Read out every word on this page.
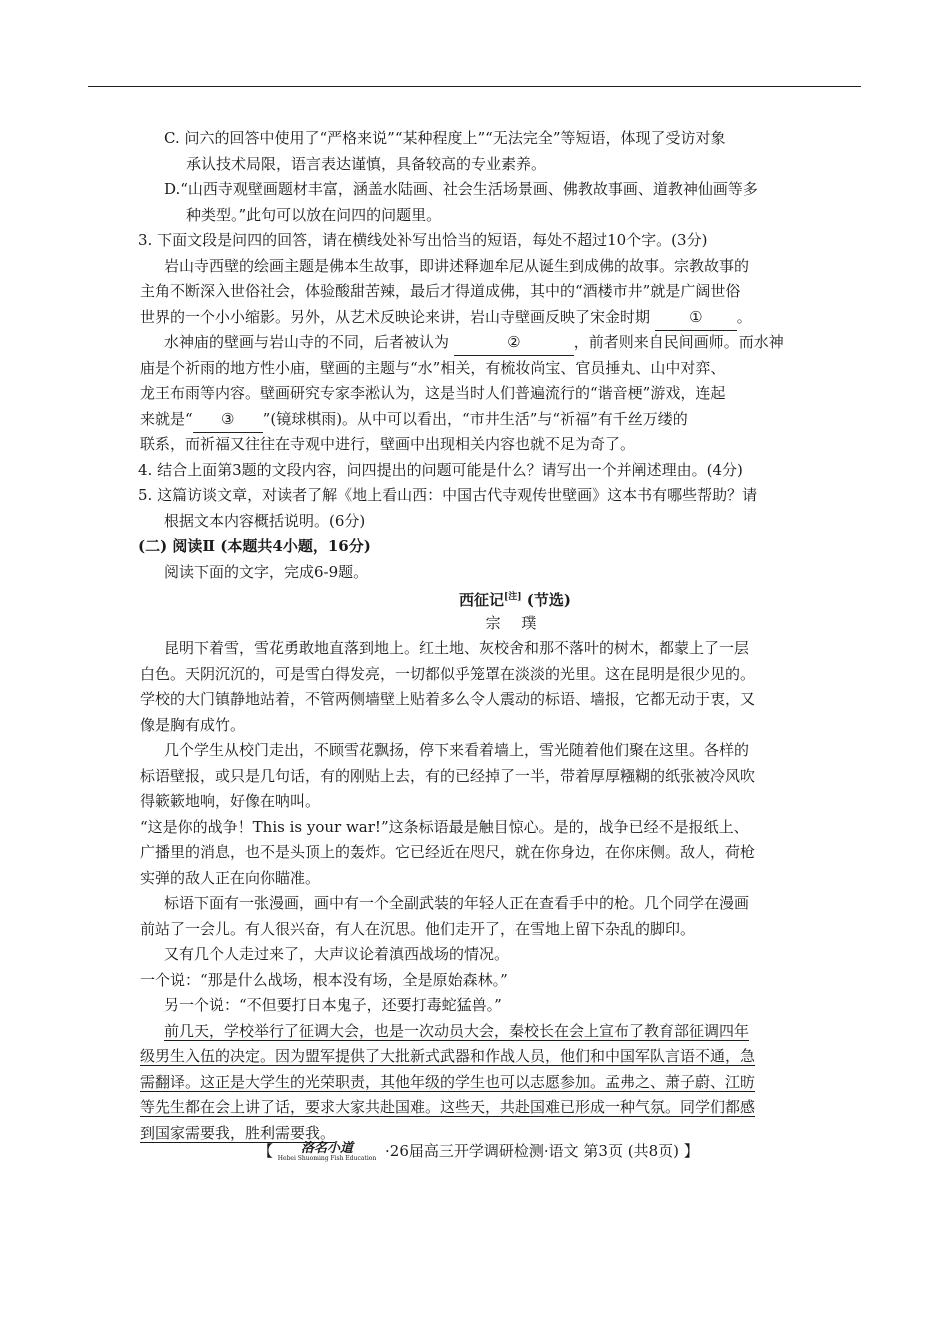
C. 问六的回答中使用了“严格来说”“某种程度上”“无法完全”等短语，体现了受访对象
承认技术局限，语言表达谨慎，具备较高的专业素养。
D.“山西寺观壁画题材丰富，涵盖水陆画、社会生活场景画、佛教故事画、道教神仙画等多
种类型。”此句可以放在问四的问题里。
3. 下面文段是问四的回答，请在横线处补写出恰当的短语，每处不超过10个字。(3分)
岩山寺西壁的绘画主题是佛本生故事，即讲述释迦牟尼从诞生到成佛的故事。宗教故事的
主角不断深入世俗社会，体验酸甜苦辣，最后才得道成佛，其中的“酒楼市井”就是广阔世俗
世界的一个小小缩影。另外，从艺术反映论来讲，岩山寺壁画反映了宋金时期	① 。
水神庙的壁画与岩山寺的不同，后者被认为	②	，前者则来自民间画师。而水神
庙是个祈雨的地方性小庙，壁画的主题与“水”相关，有梳妆尚宝、官员捶丸、山中对弈、
龙王布雨等内容。壁画研究专家李淞认为，这是当时人们普遍流行的“谐音梗”游戏，连起
来就是“ ③ ”(镜球棋雨)。从中可以看出，“市井生活”与“祈福”有千丝万缕的
联系，而祈福又往往在寺观中进行，壁画中出现相关内容也就不足为奇了。
4. 结合上面第3题的文段内容，问四提出的问题可能是什么？请写出一个并阐述理由。(4分)
5. 这篇访谈文章，对读者了解《地上看山西：中国古代寺观传世壁画》这本书有哪些帮助？请
根据文本内容概括说明。(6分)
(二) 阅读Ⅱ (本题共4小题，16分)
阅读下面的文字，完成6-9题。
西征记[注] (节选)
宗 璞
昆明下着雪，雪花勇敢地直落到地上。红土地、灰校舍和那不落叶的树木，都蒙上了一层
白色。天阴沉沉的，可是雪白得发亮，一切都似乎笼罩在淡淡的光里。这在昆明是很少见的。
学校的大门镇静地站着，不管两侧墙壁上贴着多么令人震动的标语、墙报，它都无动于衷，又
像是胸有成竹。
几个学生从校门走出，不顾雪花飘扬，停下来看着墙上，雪光随着他们聚在这里。各样的
标语壁报，或只是几句话，有的刚贴上去，有的已经掉了一半，带着厚厚糨糊的纸张被冷风吹
得簌簌地响，好像在呐叫。
“这是你的战争！This is your war!”这条标语最是触目惊心。是的，战争已经不是报纸上、
广播里的消息，也不是头顶上的轰炸。它已经近在咫尺，就在你身边，在你床侧。敌人，荷枪
实弹的敌人正在向你瞄准。
标语下面有一张漫画，画中有一个全副武装的年轻人正在查看手中的枪。几个同学在漫画
前站了一会儿。有人很兴奋，有人在沉思。他们走开了，在雪地上留下杂乱的脚印。
又有几个人走过来了，大声议论着滇西战场的情况。
一个说：“那是什么战场，根本没有场，全是原始森林。”
另一个说：“不但要打日本鬼子，还要打毒蛇猛兽。”
前几天，学校举行了征调大会，也是一次动员大会，秦校长在会上宣布了教育部征调四年
级男生入伍的决定。因为盟军提供了大批新式武器和作战人员，他们和中国军队言语不通，急
需翻译。这正是大学生的光荣职责，其他年级的学生也可以志愿参加。孟弗之、萧子蔚、江昉
等先生都在会上讲了话，要求大家共赴国难。这些天，共赴国难已形成一种气氛。同学们都感
到国家需要我，胜利需要我。
【 洛名小道
Hebei Shuoming Fish Education ·26届高三开学调研检测·语文 第3页 (共8页) 】
